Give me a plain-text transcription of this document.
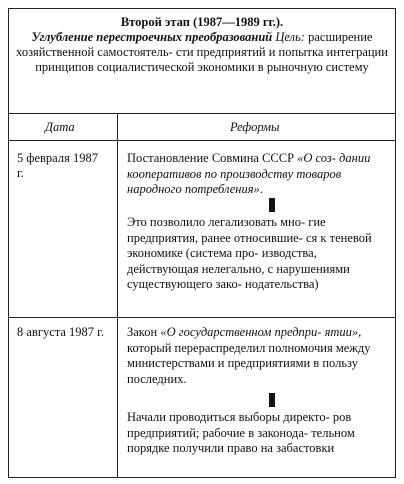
Второй этап (1987—1989 гг.).
Углубление перестроечных преобразований Цель: расширение хозяйственной самостоятель- сти предприятий и попытка интеграции принципов социалистической экономики в рыночную систему
Дата	Реформы
5 февраля 1987 г.
Постановление Совмина СССР «О соз- дании кооперативов по производству товаров народного потребления».
Это позволило легализовать мно- гие предприятия, ранее относившие- ся к теневой экономике (система про- изводства, действующая нелегально, с нарушениями существующего зако- нодательства)
8 августа 1987 г. Закон «О государственном предпри- ятии», который перераспределил полномочия между министерствами и предприятиями в пользу последних.
Начали проводиться выборы директо- ров предприятий; рабочие в законода- тельном порядке получили право на забастовки
